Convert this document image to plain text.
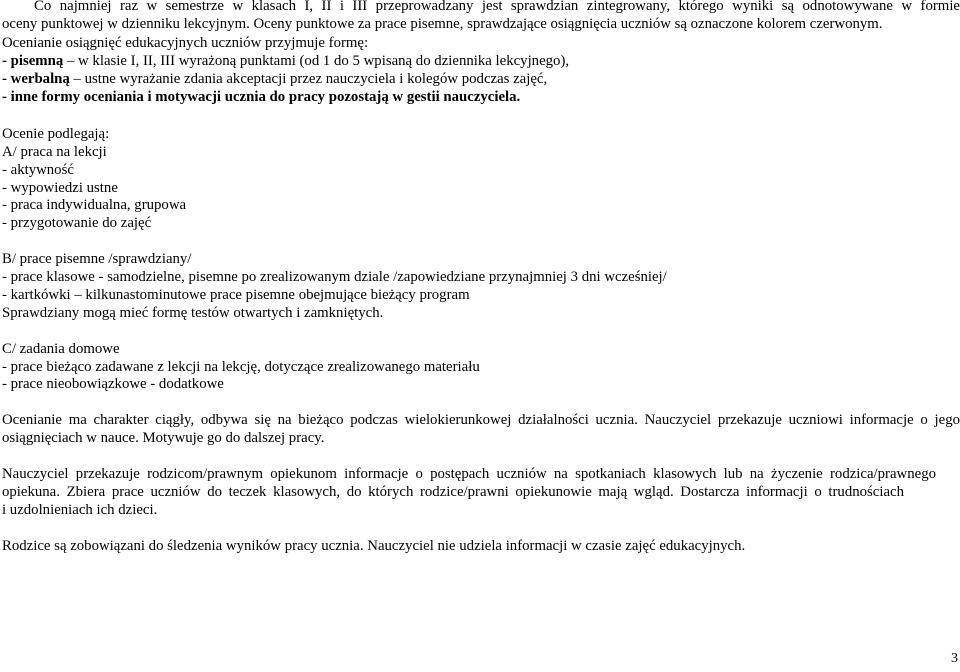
Co najmniej raz w semestrze w klasach I, II i III przeprowadzany jest sprawdzian zintegrowany, którego wyniki są odnotowywane w formie
oceny punktowej w dzienniku lekcyjnym. Oceny punktowe za prace pisemne, sprawdzające osiągnięcia uczniów są oznaczone kolorem czerwonym.
Ocenianie osiągnięć edukacyjnych uczniów przyjmuje formę:
- pisemną – w klasie I, II, III wyrażoną punktami (od 1 do 5 wpisaną do dziennika lekcyjnego),
- werbalną – ustne wyrażanie zdania akceptacji przez nauczyciela i kolegów podczas zajęć,
- inne formy oceniania i motywacji ucznia do pracy pozostają w gestii nauczyciela.
Ocenie podlegają:
A/ praca na lekcji
- aktywność
- wypowiedzi ustne
- praca indywidualna, grupowa
- przygotowanie do zajęć
B/ prace pisemne /sprawdziany/
- prace klasowe - samodzielne, pisemne po zrealizowanym dziale /zapowiedziane przynajmniej 3 dni wcześniej/
- kartkówki – kilkunastominutowe prace pisemne obejmujące bieżący program
Sprawdziany mogą mieć formę testów otwartych i zamkniętych.
C/ zadania domowe
- prace bieżąco zadawane z lekcji na lekcję, dotyczące zrealizowanego materiału
- prace nieobowiązkowe - dodatkowe
Ocenianie ma charakter ciągły, odbywa się na bieżąco podczas wielokierunkowej działalności ucznia. Nauczyciel przekazuje uczniowi informacje o jego
osiągnięciach w nauce. Motywuje go do dalszej pracy.
Nauczyciel przekazuje rodzicom/prawnym opiekunom informacje o postępach uczniów na spotkaniach klasowych lub na życzenie rodzica/prawnego
opiekuna. Zbiera prace uczniów do teczek klasowych, do których rodzice/prawni opiekunowie mają wgląd. Dostarcza informacji o trudnościach
i uzdolnieniach ich dzieci.
Rodzice są zobowiązani do śledzenia wyników pracy ucznia. Nauczyciel nie udziela informacji w czasie zajęć edukacyjnych.
3
